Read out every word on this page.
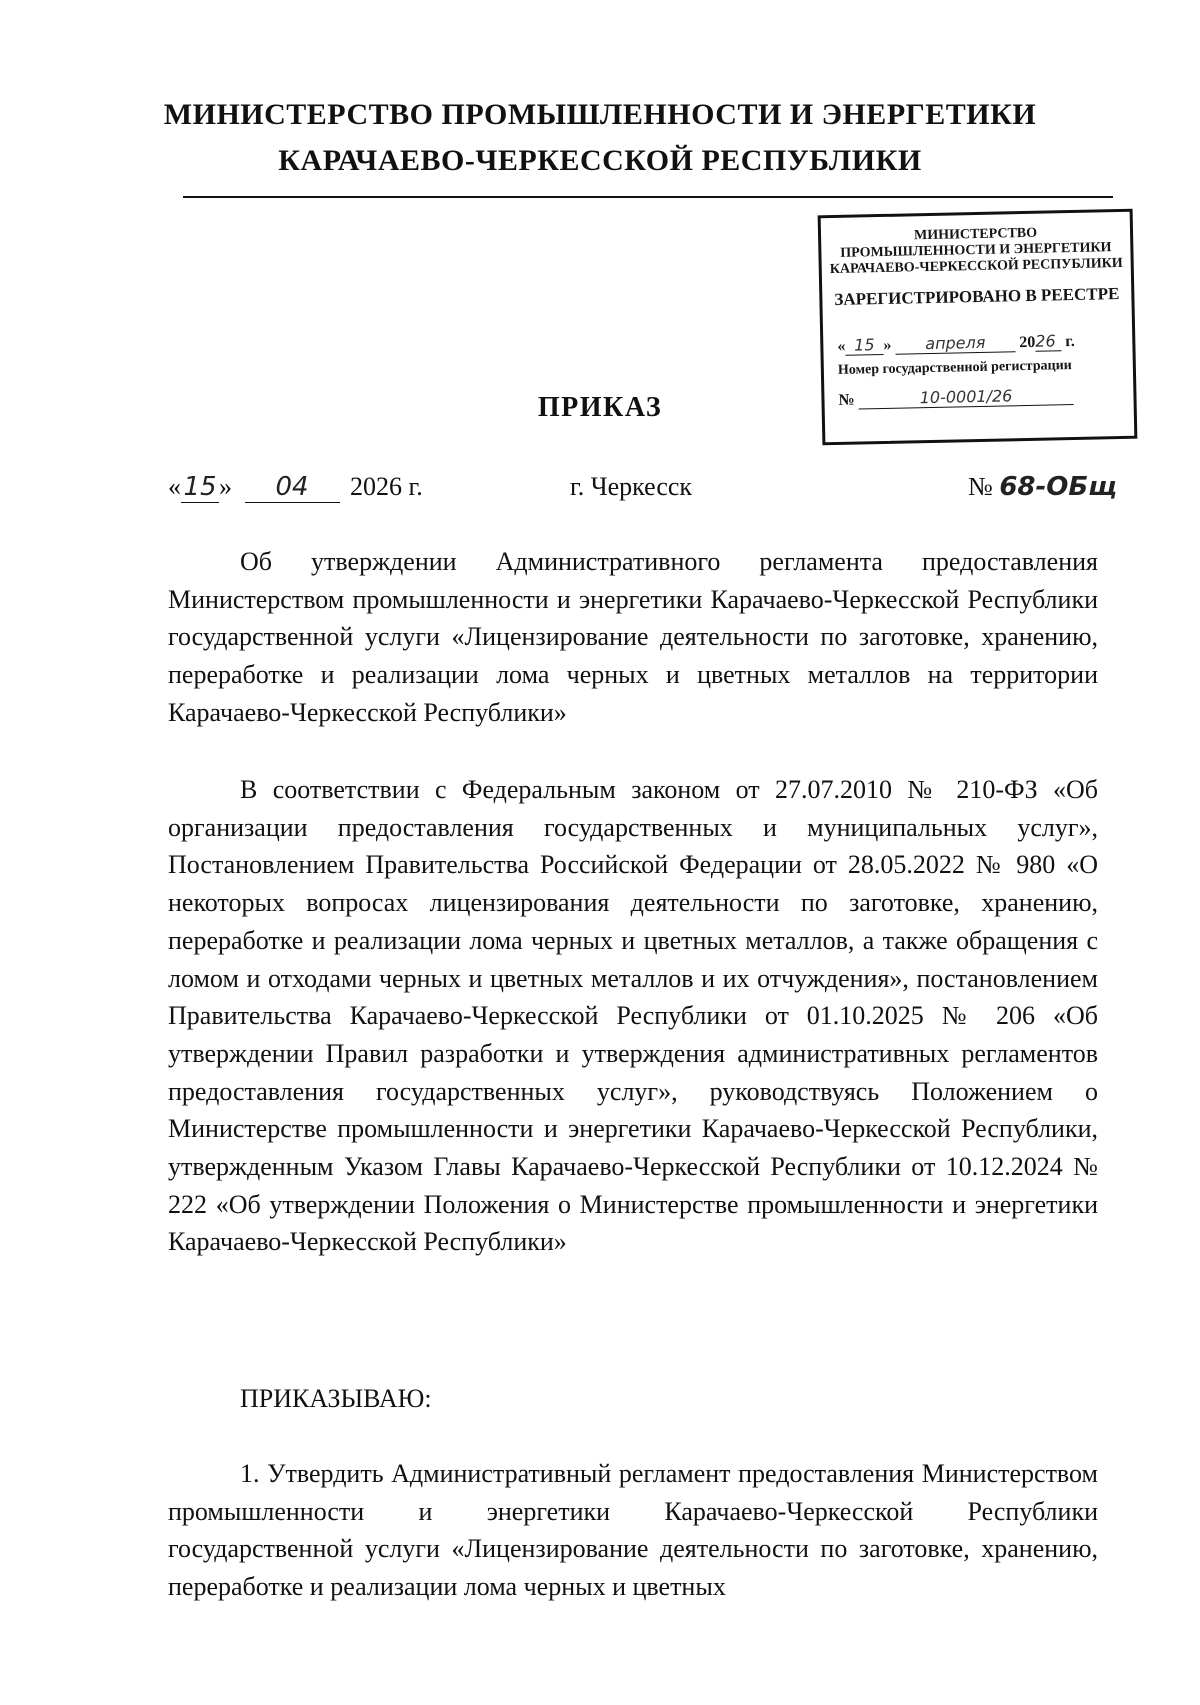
МИНИСТЕРСТВО ПРОМЫШЛЕННОСТИ И ЭНЕРГЕТИКИ
КАРАЧАЕВО-ЧЕРКЕССКОЙ РЕСПУБЛИКИ
МИНИСТЕРСТВО
ПРОМЫШЛЕННОСТИ И ЭНЕРГЕТИКИ
КАРАЧАЕВО-ЧЕРКЕССКОЙ РЕСПУБЛИКИ
ЗАРЕГИСТРИРОВАНО В РЕЕСТРЕ
« 15 » апреля 2026 г.
Номер государственной регистрации
№	10-0001/26
ПРИКАЗ
«15» 04 2026 г.	г. Черкесск	№ 68-ОБщ

Об утверждении Административного регламента предоставления Министерством промышленности и энергетики Карачаево-Черкесской Республики государственной услуги «Лицензирование деятельности по заготовке, хранению, переработке и реализации лома черных и цветных металлов на территории Карачаево-Черкесской Республики»

В соответствии с Федеральным законом от 27.07.2010 № 210-ФЗ «Об организации предоставления государственных и муниципальных услуг», Постановлением Правительства Российской Федерации от 28.05.2022 № 980 «О некоторых вопросах лицензирования деятельности по заготовке, хранению, переработке и реализации лома черных и цветных металлов, а также обращения с ломом и отходами черных и цветных металлов и их отчуждения», постановлением Правительства Карачаево-Черкесской Республики от 01.10.2025 № 206 «Об утверждении Правил разработки и утверждения административных регламентов предоставления государственных услуг», руководствуясь Положением о Министерстве промышленности и энергетики Карачаево-Черкесской Республики, утвержденным Указом Главы Карачаево-Черкесской Республики от 10.12.2024 № 222 «Об утверждении Положения о Министерстве промышленности и энергетики Карачаево-Черкесской Республики»

ПРИКАЗЫВАЮ:

1. Утвердить Административный регламент предоставления Министерством промышленности и энергетики Карачаево-Черкесской Республики государственной услуги «Лицензирование деятельности по заготовке, хранению, переработке и реализации лома черных и цветных
